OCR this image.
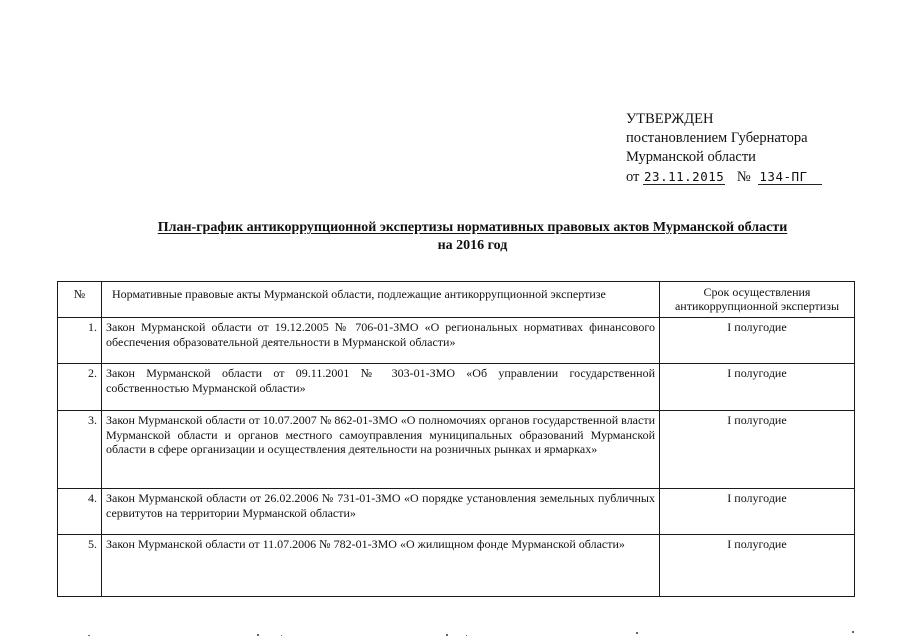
УТВЕРЖДЕН
постановлением Губернатора
Мурманской области
от 23.11.2015 № 134-ПГ
План-график антикоррупционной экспертизы нормативных правовых актов Мурманской области
на 2016 год
№	Нормативные правовые акты Мурманской области, подлежащие антикоррупционной экспертизе	Срок осуществления антикоррупционной экспертизы
1.	Закон Мурманской области от 19.12.2005 № 706-01-ЗМО «О региональных нормативах финансового обеспечения образовательной деятельности в Мурманской области»	I полугодие
2.	Закон Мурманской области от 09.11.2001 № 303-01-ЗМО «Об управлении государственной собственностью Мурманской области»	I полугодие
3.	Закон Мурманской области от 10.07.2007 № 862-01-ЗМО «О полномочиях органов государственной власти Мурманской области и органов местного самоуправления муниципальных образований Мурманской области в сфере организации и осуществления деятельности на розничных рынках и ярмарках»	I полугодие
4.	Закон Мурманской области от 26.02.2006 № 731-01-ЗМО «О порядке установления земельных публичных сервитутов на территории Мурманской области»	I полугодие
5.	Закон Мурманской области от 11.07.2006 № 782-01-ЗМО «О жилищном фонде Мурманской области»	I полугодие
